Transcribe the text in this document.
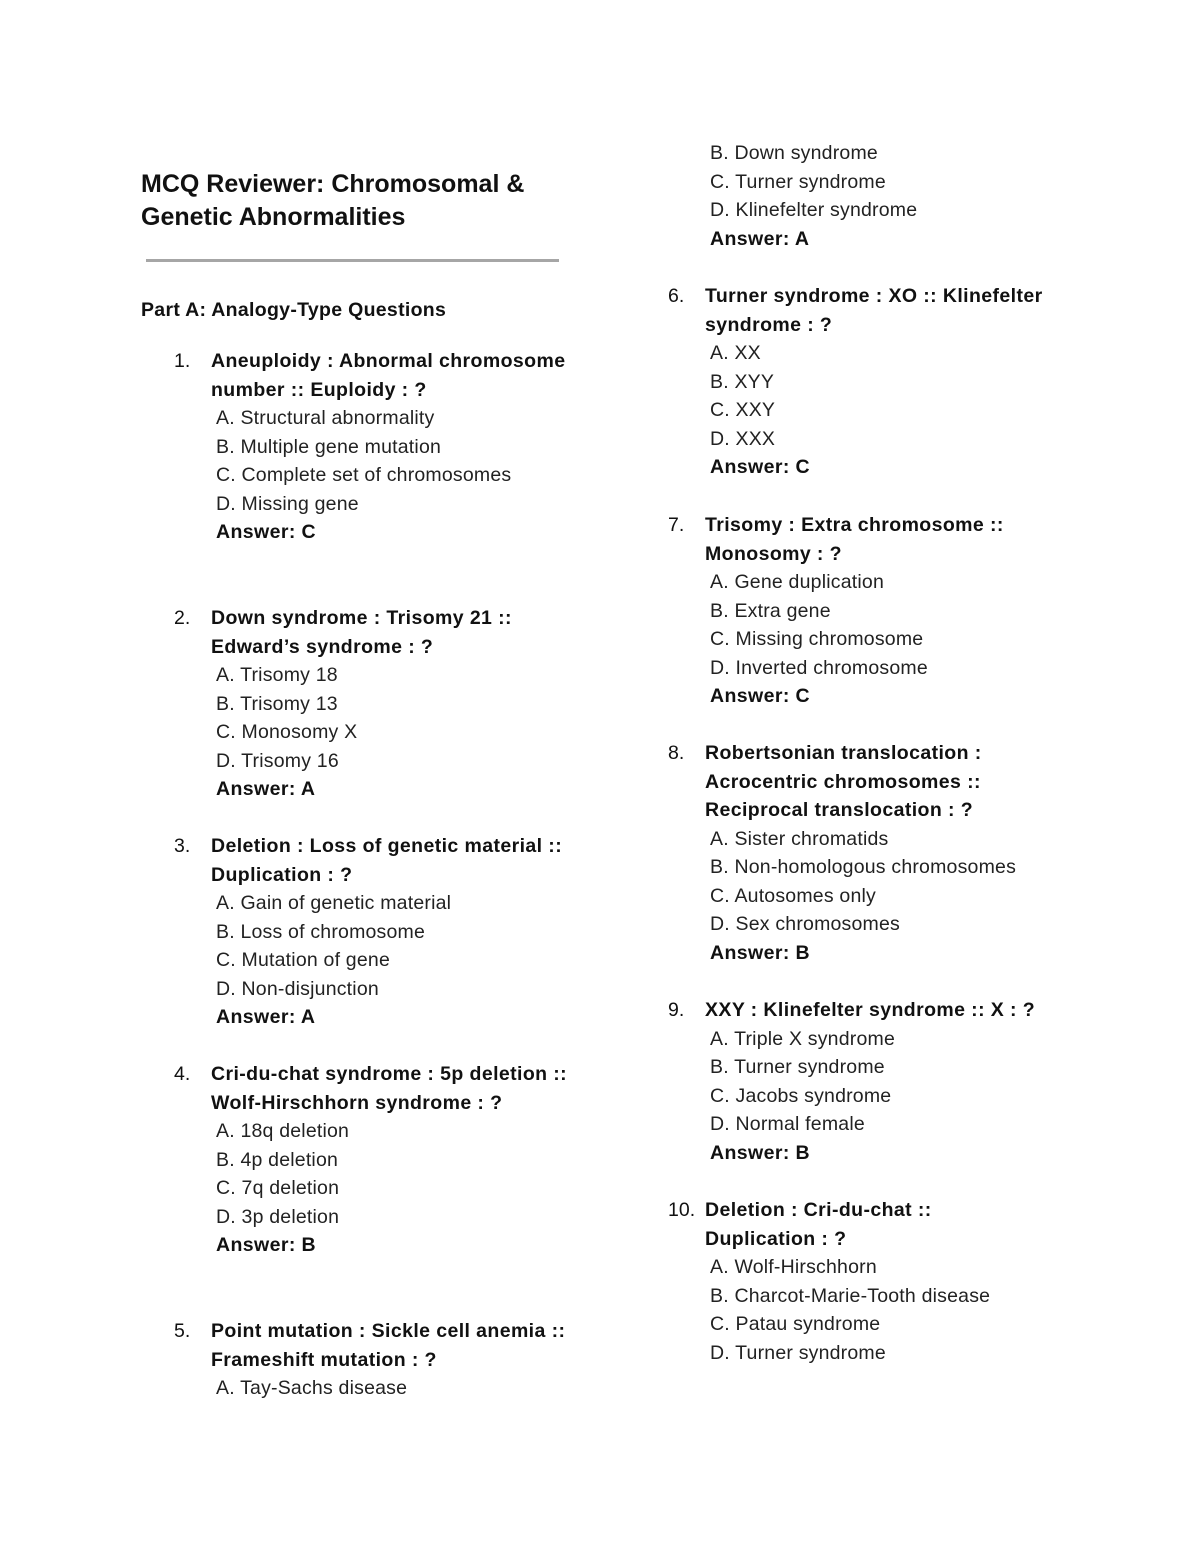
MCQ Reviewer: Chromosomal &
Genetic Abnormalities
Part A: Analogy-Type Questions
1. Aneuploidy : Abnormal chromosome number :: Euploidy : ?
A. Structural abnormality
B. Multiple gene mutation
C. Complete set of chromosomes
D. Missing gene
Answer: C
2. Down syndrome : Trisomy 21 :: Edward’s syndrome : ?
A. Trisomy 18
B. Trisomy 13
C. Monosomy X
D. Trisomy 16
Answer: A
3. Deletion : Loss of genetic material :: Duplication : ?
A. Gain of genetic material
B. Loss of chromosome
C. Mutation of gene
D. Non-disjunction
Answer: A
4. Cri-du-chat syndrome : 5p deletion :: Wolf-Hirschhorn syndrome : ?
A. 18q deletion
B. 4p deletion
C. 7q deletion
D. 3p deletion
Answer: B
5. Point mutation : Sickle cell anemia :: Frameshift mutation : ?
A. Tay-Sachs disease
B. Down syndrome
C. Turner syndrome
D. Klinefelter syndrome
Answer: A
6. Turner syndrome : XO :: Klinefelter syndrome : ?
A. XX
B. XYY
C. XXY
D. XXX
Answer: C
7. Trisomy : Extra chromosome :: Monosomy : ?
A. Gene duplication
B. Extra gene
C. Missing chromosome
D. Inverted chromosome
Answer: C
8. Robertsonian translocation : Acrocentric chromosomes :: Reciprocal translocation : ?
A. Sister chromatids
B. Non-homologous chromosomes
C. Autosomes only
D. Sex chromosomes
Answer: B
9. XXY : Klinefelter syndrome :: X : ?
A. Triple X syndrome
B. Turner syndrome
C. Jacobs syndrome
D. Normal female
Answer: B
10. Deletion : Cri-du-chat :: Duplication : ?
A. Wolf-Hirschhorn
B. Charcot-Marie-Tooth disease
C. Patau syndrome
D. Turner syndrome
